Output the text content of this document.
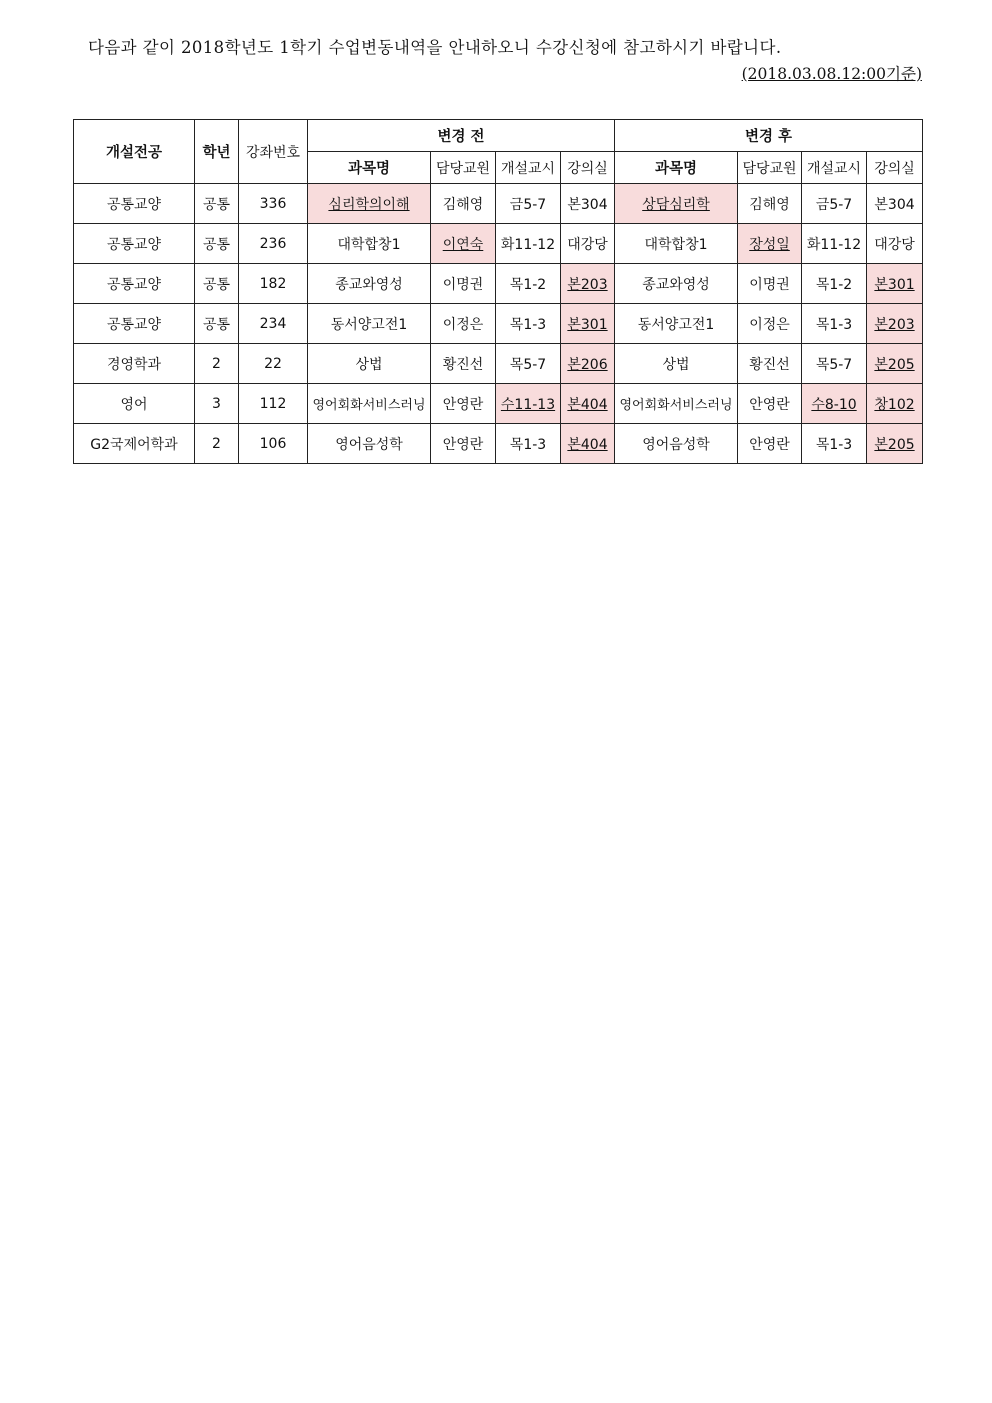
다음과 같이 2018학년도 1학기 수업변동내역을 안내하오니 수강신청에 참고하시기 바랍니다.
(2018.03.08.12:00기준)
개설전공	학년	강좌번호	변경 전				변경 후			
			과목명	담당교원	개설교시	강의실	과목명	담당교원	개설교시	강의실
공통교양	공통	336	심리학의이해	김해영	금5-7	본304	상담심리학	김해영	금5-7	본304
공통교양	공통	236	대학합창1	이연숙	화11-12	대강당	대학합창1	장성일	화11-12	대강당
공통교양	공통	182	종교와영성	이명권	목1-2	본203	종교와영성	이명권	목1-2	본301
공통교양	공통	234	동서양고전1	이정은	목1-3	본301	동서양고전1	이정은	목1-3	본203
경영학과	2	22	상법	황진선	목5-7	본206	상법	황진선	목5-7	본205
영어	3	112	영어회화서비스러닝	안영란	수11-13	본404	영어회화서비스러닝	안영란	수8-10	창102
G2국제어학과	2	106	영어음성학	안영란	목1-3	본404	영어음성학	안영란	목1-3	본205
